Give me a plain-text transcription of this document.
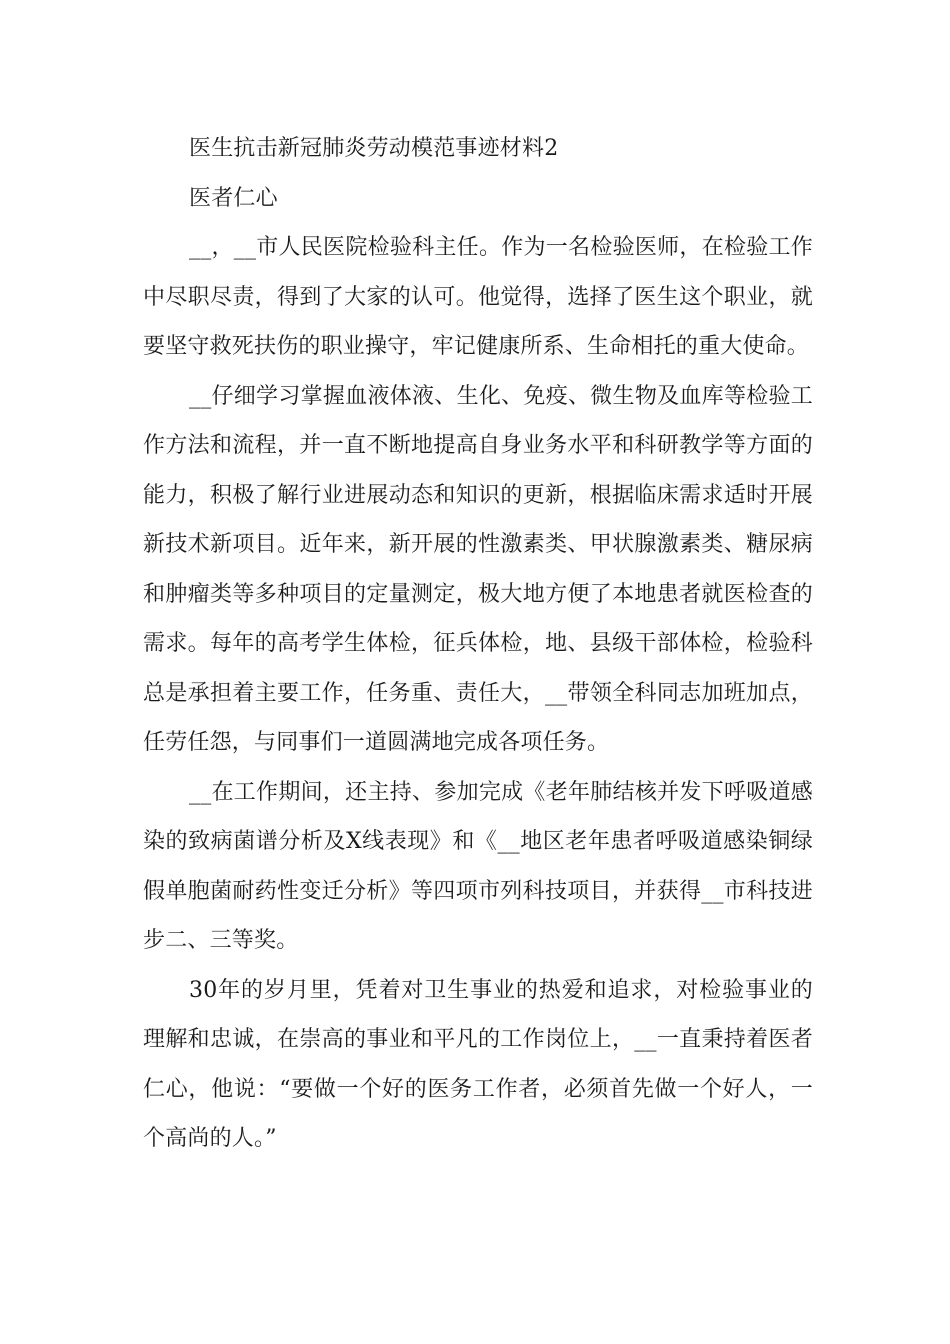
医生抗击新冠肺炎劳动模范事迹材料2

医者仁心

__，__市人民医院检验科主任。作为一名检验医师，在检验工作中尽职尽责，得到了大家的认可。他觉得，选择了医生这个职业，就要坚守救死扶伤的职业操守，牢记健康所系、生命相托的重大使命。

__仔细学习掌握血液体液、生化、免疫、微生物及血库等检验工作方法和流程，并一直不断地提高自身业务水平和科研教学等方面的能力，积极了解行业进展动态和知识的更新，根据临床需求适时开展新技术新项目。近年来，新开展的性激素类、甲状腺激素类、糖尿病和肿瘤类等多种项目的定量测定，极大地方便了本地患者就医检查的需求。每年的高考学生体检，征兵体检，地、县级干部体检，检验科总是承担着主要工作，任务重、责任大，__带领全科同志加班加点，任劳任怨，与同事们一道圆满地完成各项任务。

__在工作期间，还主持、参加完成《老年肺结核并发下呼吸道感染的致病菌谱分析及X线表现》和《__地区老年患者呼吸道感染铜绿假单胞菌耐药性变迁分析》等四项市列科技项目，并获得__市科技进步二、三等奖。

30年的岁月里，凭着对卫生事业的热爱和追求，对检验事业的理解和忠诚，在崇高的事业和平凡的工作岗位上，__一直秉持着医者仁心，他说：“要做一个好的医务工作者，必须首先做一个好人，一个高尚的人。”
